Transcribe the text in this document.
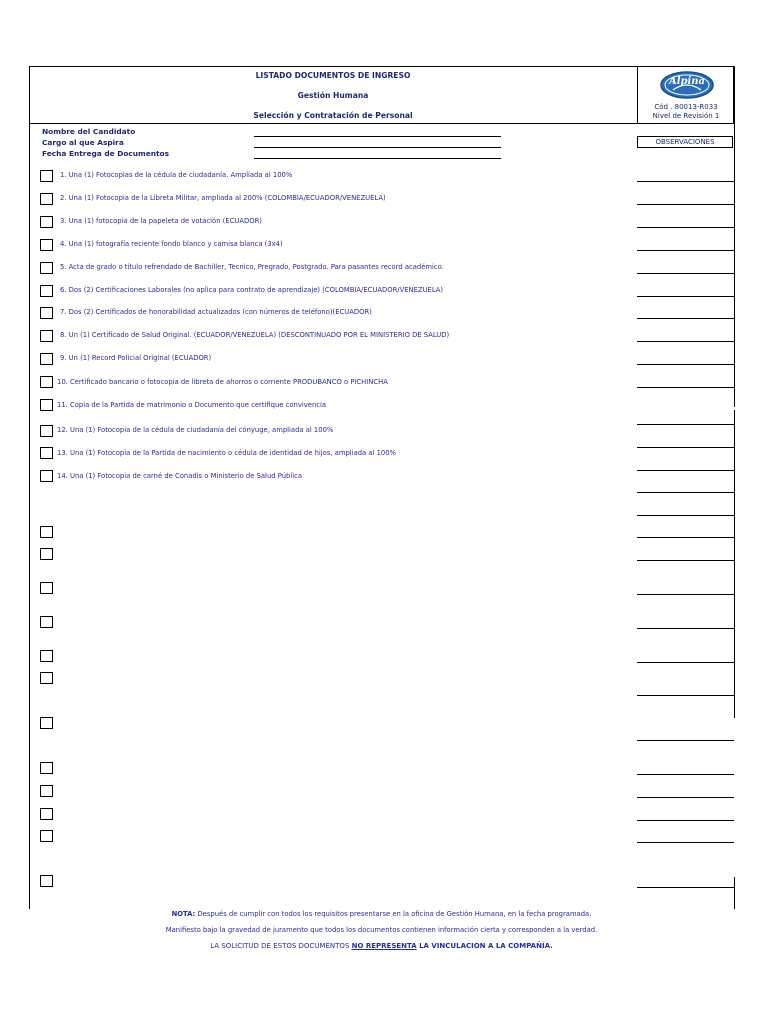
LISTADO DOCUMENTOS DE INGRESO
Gestión Humana
Selección y Contratación de Personal
Alpina
Cód . 80013-R033
Nivel de Revisión 1
Nombre del Candidato
Cargo al que Aspira
Fecha Entrega de Documentos
OBSERVACIONES
1. Una (1) Fotocopias de la cédula de ciudadanía. Ampliada al 100%
2. Una (1) Fotocopia de la Libreta Militar, ampliada al 200% (COLOMBIA/ECUADOR/VENEZUELA)
3. Una (1) fotocopia de la papeleta de votación (ECUADOR)
4. Una (1) fotografía reciente fondo blanco y camisa blanca (3x4)
5. Acta de grado o título refrendado de Bachiller, Tecnico, Pregrado, Postgrado. Para pasantes record académico.
6. Dos (2) Certificaciones Laborales (no aplica para contrato de aprendizaje) (COLOMBIA/ECUADOR/VENEZUELA)
7. Dos (2) Certificados de honorabilidad actualizados (con números de teléfono)(ECUADOR)
8. Un (1) Certificado de Salud Original. (ECUADOR/VENEZUELA) (DESCONTINUADO POR EL MINISTERIO DE SALUD)
9. Un (1) Record Policial Original (ECUADOR)
10. Certificado bancario o fotocopia de libreta de ahorros o corriente PRODUBANCO o PICHINCHA
11. Copia de la Partida de matrimonio o Documento que certifique convivencia
12. Una (1) Fotocopia de la cédula de ciudadanía del cónyuge, ampliada al 100%
13. Una (1) Fotocopia de la Partida de nacimiento o cédula de identidad de hijos, ampliada al 100%
14. Una (1) Fotocopia de carné de Conadis o Ministerio de Salud Pública
NOTA: Después de cumplir con todos los requisitos presentarse en la oficina de Gestión Humana, en la fecha programada.
Manifiesto bajo la gravedad de juramento que todos los documentos contienen información cierta y corresponden a la verdad.
LA SOLICITUD DE ESTOS DOCUMENTOS NO REPRESENTA LA VINCULACION A LA COMPAÑÍA.
